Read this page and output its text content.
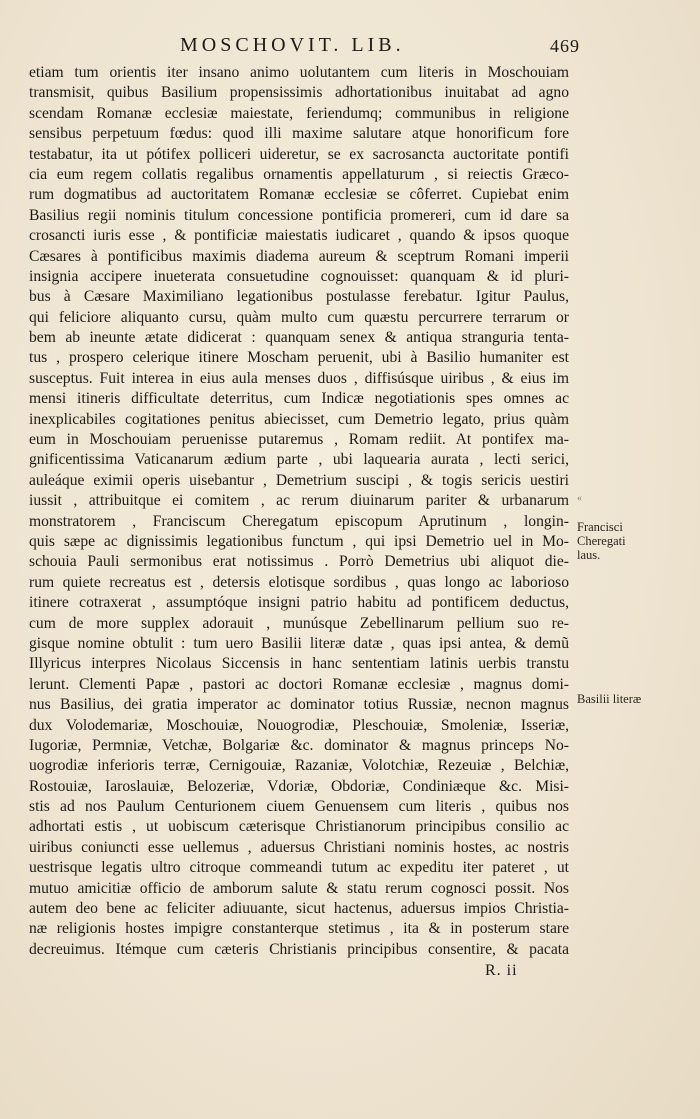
MOSCHOVIT. LIB.	469
etiam tum orientis iter insano animo uolutantem cum literis in Moschouiam
transmisit, quibus Basilium propensissimis adhortationibus inuitabat ad agno
scendam Romanæ ecclesiæ maiestate, feriendumq; communibus in religione
sensibus perpetuum fœdus: quod illi maxime salutare atque honorificum fore
testabatur, ita ut pótifex polliceri uideretur, se ex sacrosancta auctoritate pontifi
cia eum regem collatis regalibus ornamentis appellaturum , si reiectis Græco-
rum dogmatibus ad auctoritatem Romanæ ecclesiæ se côferret. Cupiebat enim
Basilius regii nominis titulum concessione pontificia promereri, cum id dare sa
crosancti iuris esse , & pontificiæ maiestatis iudicaret , quando & ipsos quoque
Cæsares à pontificibus maximis diadema aureum & sceptrum Romani imperii
insignia accipere inueterata consuetudine cognouisset: quanquam & id pluri-
bus à Cæsare Maximiliano legationibus postulasse ferebatur. Igitur Paulus,
qui feliciore aliquanto cursu, quàm multo cum quæstu percurrere terrarum or
bem ab ineunte ætate didicerat : quanquam senex & antiqua stranguria tenta-
tus , prospero celerique itinere Moscham peruenit, ubi à Basilio humaniter est
susceptus. Fuit interea in eius aula menses duos , diffisúsque uiribus , & eius im
mensi itineris difficultate deterritus, cum Indicæ negotiationis spes omnes ac
inexplicabiles cogitationes penitus abiecisset, cum Demetrio legato, prius quàm
eum in Moschouiam peruenisse putaremus , Romam rediit. At pontifex ma-
gnificentissima Vaticanarum ædium parte , ubi laquearia aurata , lecti serici,
auleáque eximii operis uisebantur , Demetrium suscipi , & togis sericis uestiri
iussit , attribuitque ei comitem , ac rerum diuinarum pariter & urbanarum
monstratorem , Franciscum Cheregatum episcopum Aprutinum , longin-
quis sæpe ac dignissimis legationibus functum , qui ipsi Demetrio uel in Mo-
schouia Pauli sermonibus erat notissimus . Porrò Demetrius ubi aliquot die-
rum quiete recreatus est , detersis elotisque sordibus , quas longo ac laborioso
itinere cotraxerat , assumptóque insigni patrio habitu ad pontificem deductus,
cum de more supplex adorauit , munúsque Zebellinarum pellium suo re-
gisque nomine obtulit : tum uero Basilii literæ datæ , quas ipsi antea, & demũ
Illyricus interpres Nicolaus Siccensis in hanc sententiam latinis uerbis transtu
lerunt. Clementi Papæ , pastori ac doctori Romanæ ecclesiæ , magnus domi-
nus Basilius, dei gratia imperator ac dominator totius Russiæ, necnon magnus
dux Volodemariæ, Moschouiæ, Nouogrodiæ, Pleschouiæ, Smoleniæ, Isseriæ,
Iugoriæ, Permniæ, Vetchæ, Bolgariæ &c. dominator & magnus princeps No-
uogrodiæ inferioris terræ, Cernigouiæ, Razaniæ, Volotchiæ, Rezeuiæ , Belchiæ,
Rostouiæ, Iaroslauiæ, Belozeriæ, Vdoriæ, Obdoriæ, Condiniæque &c. Misi-
stis ad nos Paulum Centurionem ciuem Genuensem cum literis , quibus nos
adhortati estis , ut uobiscum cæterisque Christianorum principibus consilio ac
uiribus coniuncti esse uellemus , aduersus Christiani nominis hostes, ac nostris
uestrisque legatis ultro citroque commeandi tutum ac expeditu iter pateret , ut
mutuo amicitiæ officio de amborum salute & statu rerum cognosci possit. Nos
autem deo bene ac feliciter adiuuante, sicut hactenus, aduersus impios Christia-
næ religionis hostes impigre constanterque stetimus , ita & in posterum stare
decreuimus. Itémque cum cæteris Christianis principibus consentire, & pacata
R. ii
«
Francisci
Cheregati
laus.
Basilii literæ
